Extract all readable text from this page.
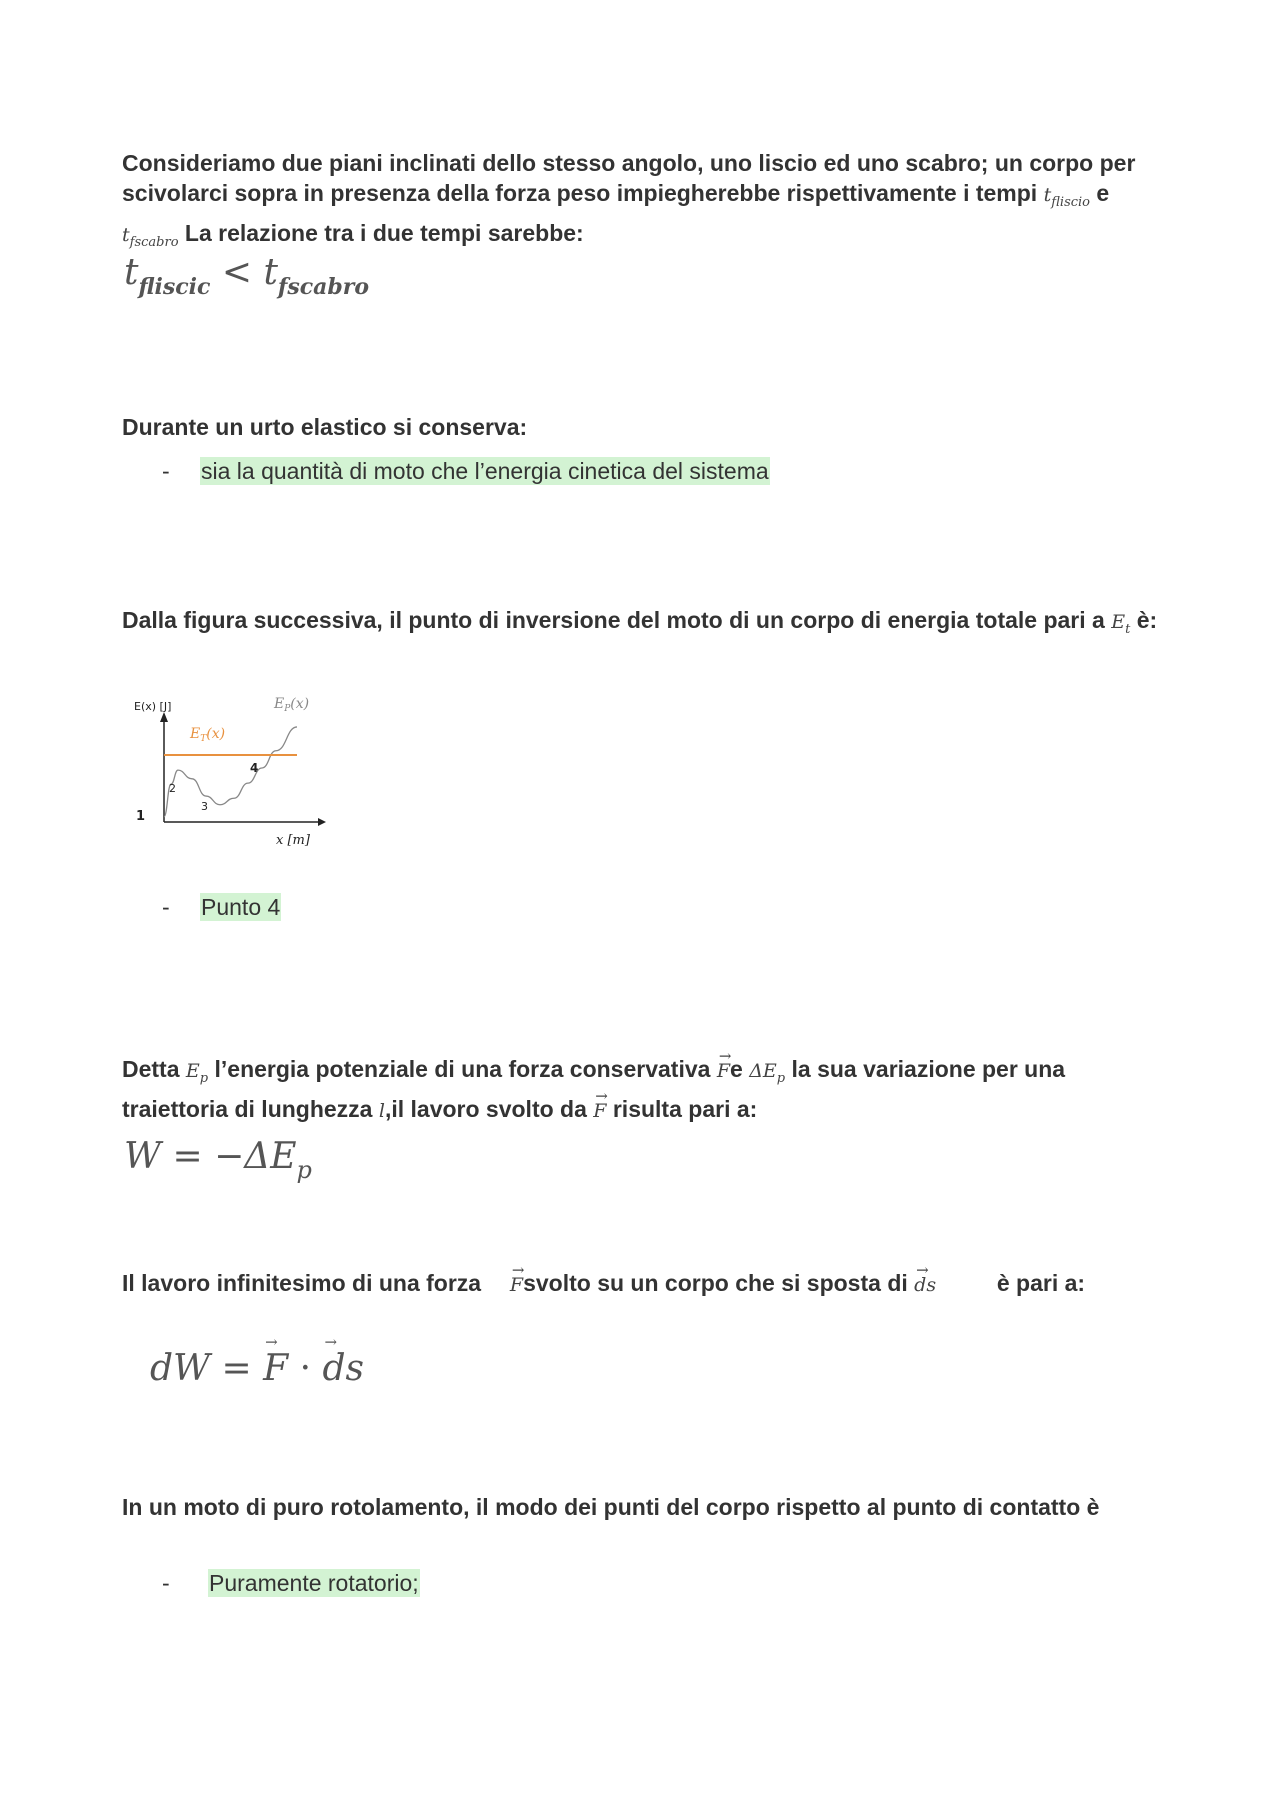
Consideriamo due piani inclinati dello stesso angolo, uno liscio ed uno scabro; un corpo per scivolarci sopra in presenza della forza peso impiegherebbe rispettivamente i tempi $t_{fliscio}$ e $t_{fscabro}$ La relazione tra i due tempi sarebbe:
$t_{fliscic} < t_{fscabro}$
Durante un urto elastico si conserva:
- sia la quantità di moto che l’energia cinetica del sistema
Dalla figura successiva, il punto di inversione del moto di un corpo di energia totale pari a $E_t$ è:
E(x) [J]
x [m]
$E_P(x)$
$E_T(x)$
1
2
3
4
- Punto 4
Detta $E_p$ l’energia potenziale di una forza conservativa → Fe $\Delta E_p$ la sua variazione per una traiettoria di lunghezza l,il lavoro svolto da → F risulta pari a:
$W = -\Delta E_p$
Il lavoro infinitesimo di una forza → Fsvolto su un corpo che si sposta di → ds	è pari a:
dW = → F · → ds
In un moto di puro rotolamento, il modo dei punti del corpo rispetto al punto di contatto è
- Puramente rotatorio;
